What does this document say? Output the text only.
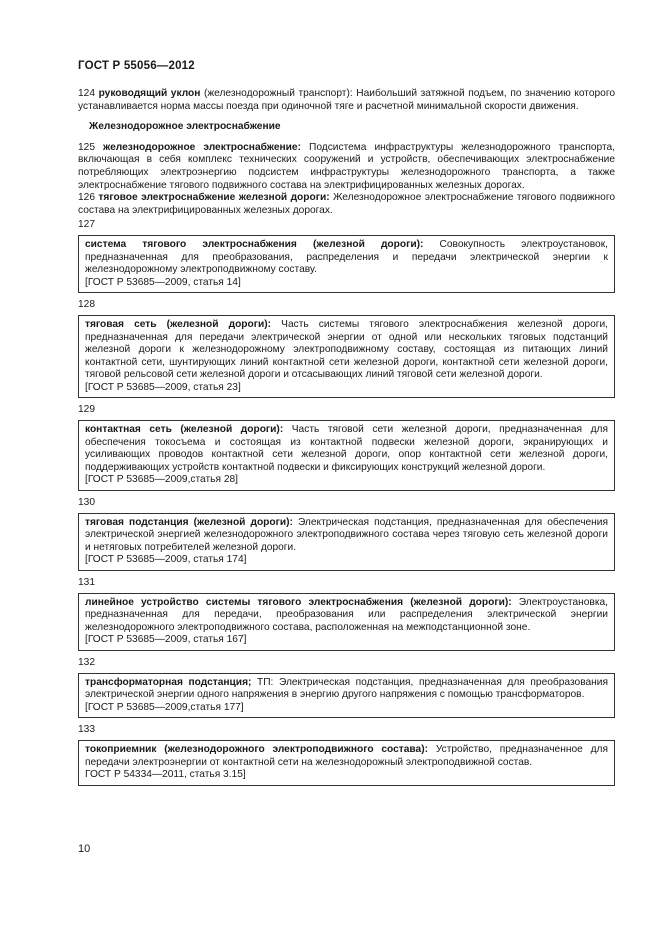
ГОСТ Р 55056—2012

124 руководящий уклон (железнодорожный транспорт): Наибольший затяжной подъем, по значению которого устанавливается норма массы поезда при одиночной тяге и расчетной минимальной скорости движения.

Железнодорожное электроснабжение

125 железнодорожное электроснабжение: Подсистема инфраструктуры железнодорожного транспорта, включающая в себя комплекс технических сооружений и устройств, обеспечивающих электроснабжение потребляющих электроэнергию подсистем инфраструктуры железнодорожного транспорта, а также электроснабжение тягового подвижного состава на электрифицированных железных дорогах.

126 тяговое электроснабжение железной дороги: Железнодорожное электроснабжение тягового подвижного состава на электрифицированных железных дорогах.

127
система тягового электроснабжения (железной дороги): Совокупность электроустановок, предназначенная для преобразования, распределения и передачи электрической энергии к железнодорожному электроподвижному составу.
[ГОСТ Р 53685—2009, статья 14]
128
тяговая сеть (железной дороги): Часть системы тягового электроснабжения железной дороги, предназначенная для передачи электрической энергии от одной или нескольких тяговых подстанций железной дороги к железнодорожному электроподвижному составу, состоящая из питающих линий контактной сети, шунтирующих линий контактной сети железной дороги, контактной сети железной дороги, тяговой рельсовой сети железной дороги и отсасывающих линий тяговой сети железной дороги.
[ГОСТ Р 53685—2009, статья 23]
129
контактная сеть (железной дороги): Часть тяговой сети железной дороги, предназначенная для обеспечения токосъема и состоящая из контактной подвески железной дороги, экранирующих и усиливающих проводов контактной сети железной дороги, опор контактной сети железной дороги, поддерживающих устройств контактной подвески и фиксирующих конструкций железной дороги.
[ГОСТ Р 53685—2009,статья 28]
130
тяговая подстанция (железной дороги): Электрическая подстанция, предназначенная для обеспечения электрической энергией железнодорожного электроподвижного состава через тяговую сеть железной дороги и нетяговых потребителей железной дороги.
[ГОСТ Р 53685—2009, статья 174]
131
линейное устройство системы тягового электроснабжения (железной дороги): Электроустановка, предназначенная для передачи, преобразования или распределения электрической энергии железнодорожного электроподвижного состава, расположенная на межподстанционной зоне.
[ГОСТ Р 53685—2009, статья 167]
132
трансформаторная подстанция; ТП: Электрическая подстанция, предназначенная для преобразования электрической энергии одного напряжения в энергию другого напряжения с помощью трансформаторов.
[ГОСТ Р 53685—2009,статья 177]
133
токоприемник (железнодорожного электроподвижного состава): Устройство, предназначенное для передачи электроэнергии от контактной сети на железнодорожный электроподвижной состав.
ГОСТ Р 54334—2011, статья 3.15]
10
